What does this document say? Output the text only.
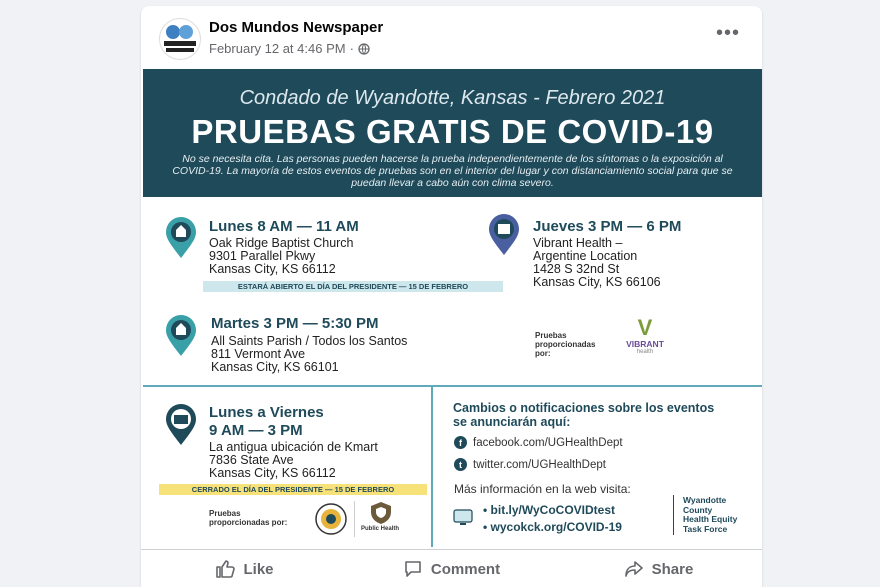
Dos Mundos Newspaper
February 12 at 4:46 PM ·
•••
Condado de Wyandotte, Kansas - Febrero 2021
PRUEBAS GRATIS DE COVID-19
No se necesita cita. Las personas pueden hacerse la prueba independientemente de los síntomas o la exposición al COVID-19. La mayoría de estos eventos de pruebas son en el interior del lugar y con distanciamiento social para que se puedan llevar a cabo aún con clima severo.
Lunes 8 AM — 11 AM
Oak Ridge Baptist Church
9301 Parallel Pkwy
Kansas City, KS 66112
ESTARÁ ABIERTO EL DÍA DEL PRESIDENTE — 15 DE FEBRERO
Jueves 3 PM — 6 PM
Vibrant Health –
Argentine Location
1428 S 32nd St
Kansas City, KS 66106
Martes 3 PM — 5:30 PM
All Saints Parish / Todos los Santos
811 Vermont Ave
Kansas City, KS 66101
Pruebas
proporcionadas
por:
V
VIBRANT
health
Lunes a Viernes
9 AM — 3 PM
La antigua ubicación de Kmart
7836 State Ave
Kansas City, KS 66112
CERRADO EL DÍA DEL PRESIDENTE — 15 DE FEBRERO
Pruebas
proporcionadas por:
Public Health
Cambios o notificaciones sobre los eventos
se anunciarán aquí:
f facebook.com/UGHealthDept
t twitter.com/UGHealthDept
Más información en la web visita:
• bit.ly/WyCoCOVIDtest
• wycokck.org/COVID-19
Wyandotte
County
Health Equity
Task Force
Like	Comment	Share
